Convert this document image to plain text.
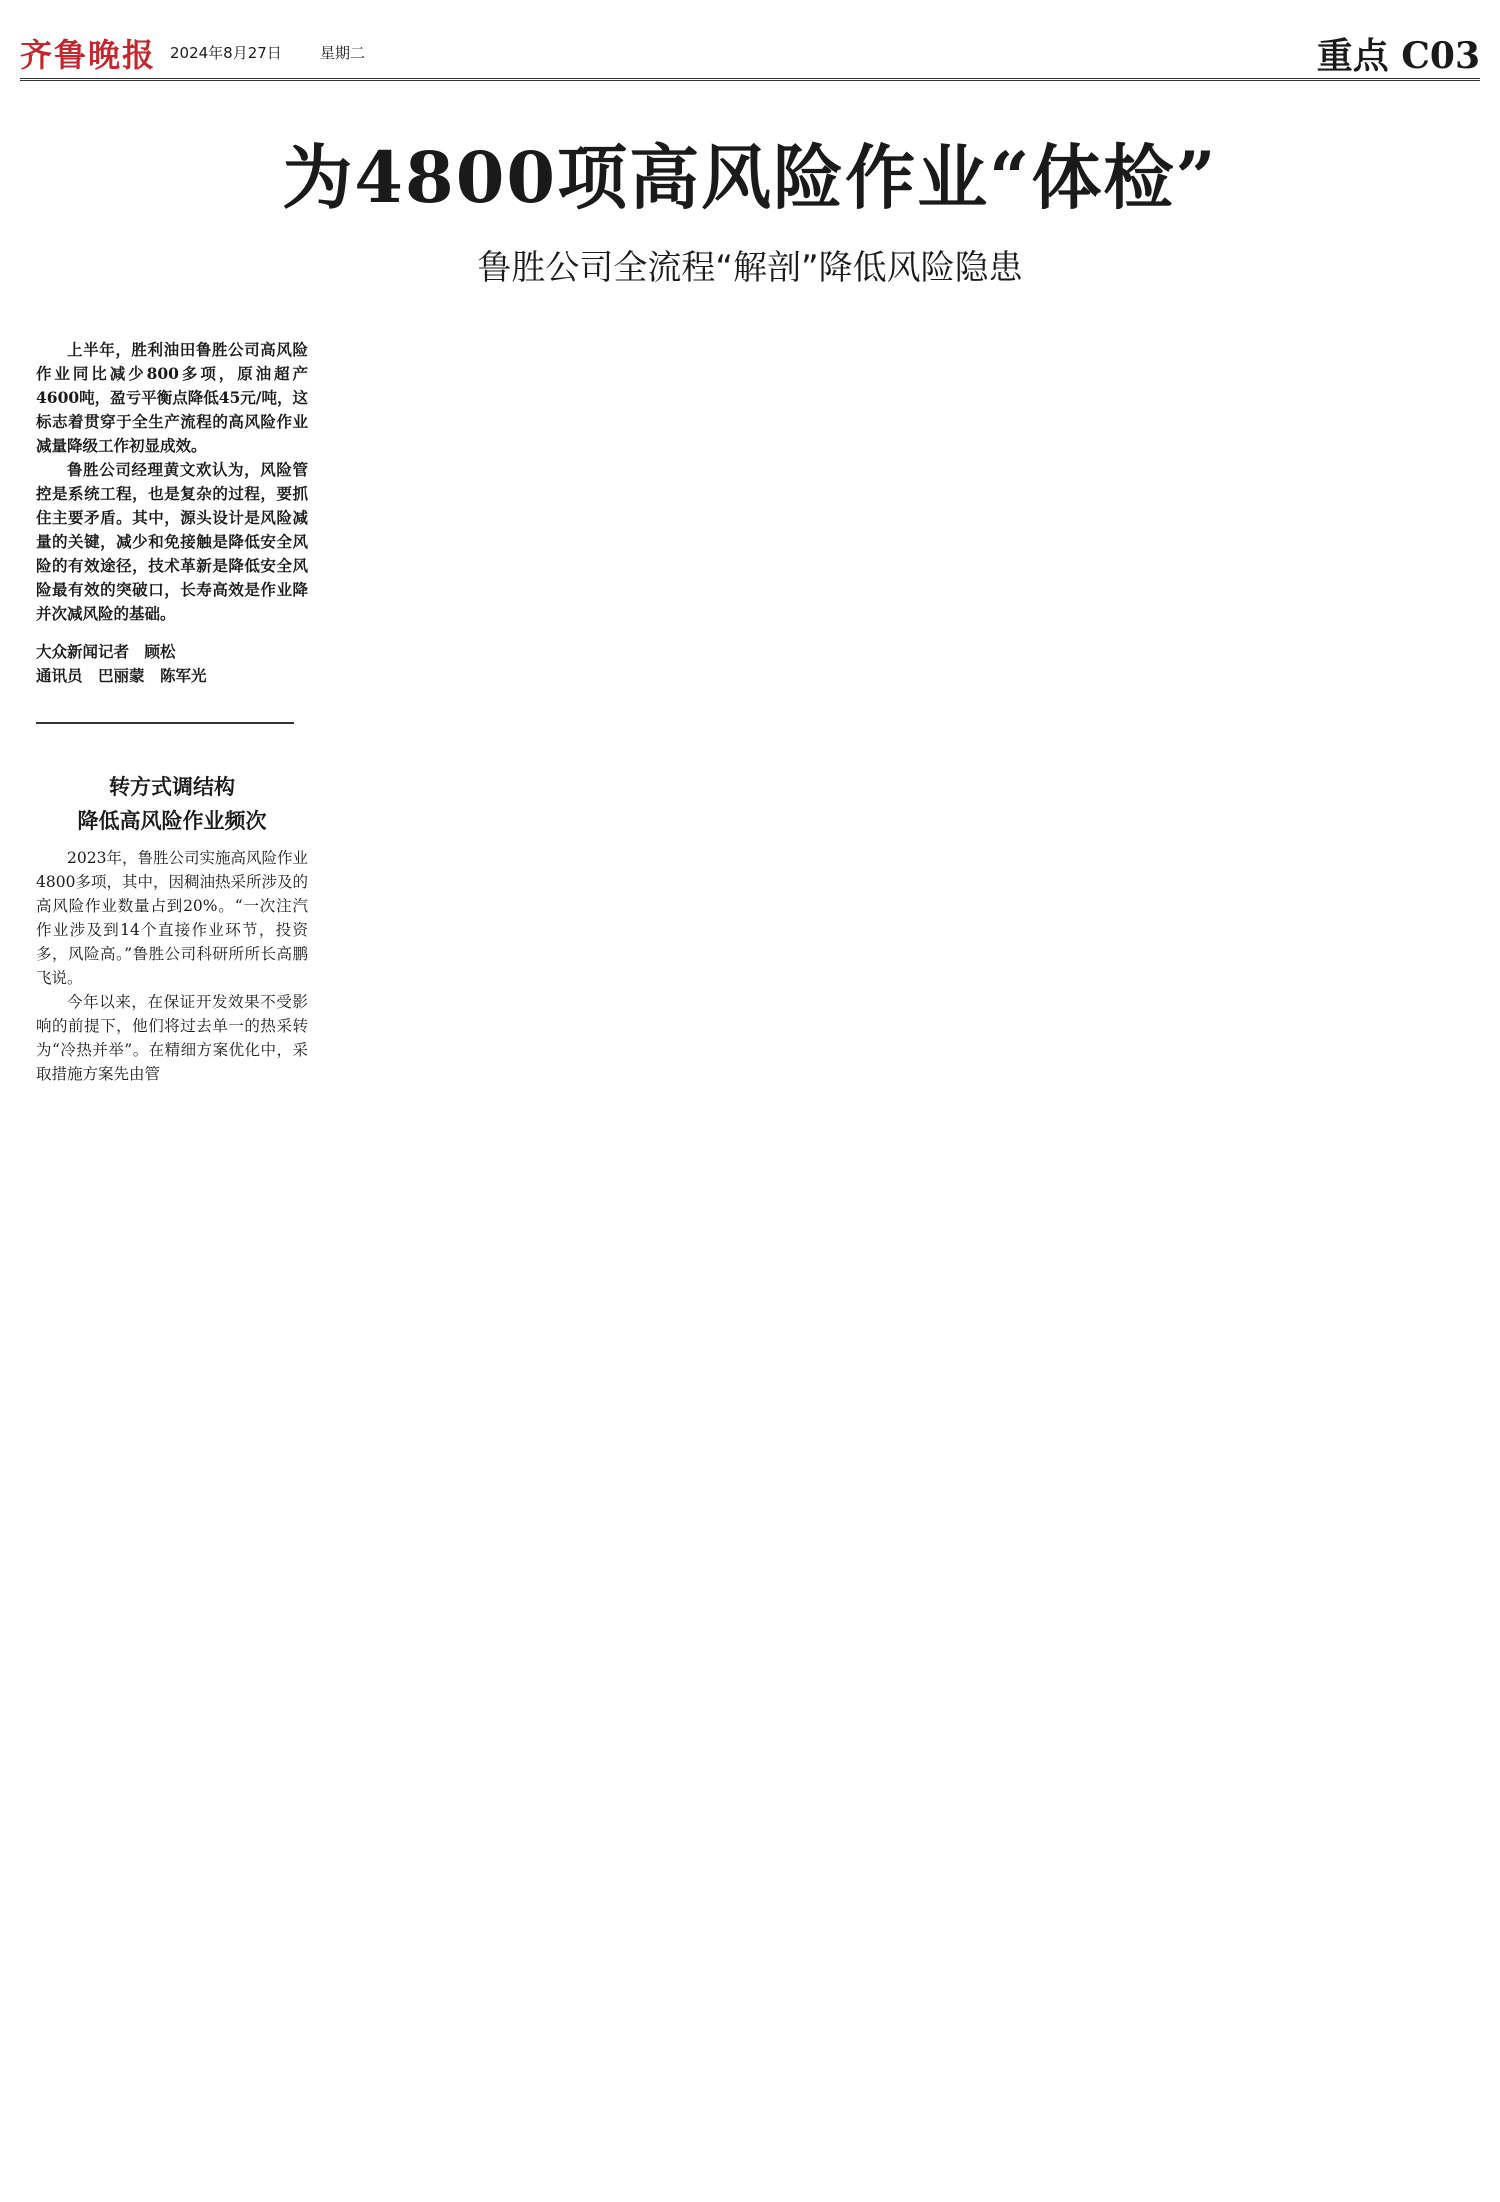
齐鲁晚报 2024年8月27日	星期二	重点 C03
为4800项高风险作业“体检”
鲁胜公司全流程“解剖”降低风险隐患

上半年，胜利油田鲁胜公司高风险作业同比减少800多项，原油超产4600吨，盈亏平衡点降低45元/吨，这标志着贯穿于全生产流程的高风险作业减量降级工作初显成效。

鲁胜公司经理黄文欢认为，风险管控是系统工程，也是复杂的过程，要抓住主要矛盾。其中，源头设计是风险减量的关键，减少和免接触是降低安全风险的有效途径，技术革新是降低安全风险最有效的突破口，长寿高效是作业降并次减风险的基础。

大众新闻记者　顾松

通讯员　巴丽蒙　陈军光

转方式调结构
降低高风险作业频次

2023年，鲁胜公司实施高风险作业4800多项，其中，因稠油热采所涉及的高风险作业数量占到20%。“一次注汽作业涉及到14个直接作业环节，投资多，风险高。”鲁胜公司科研所所长高鹏飞说。

今年以来，在保证开发效果不受影响的前提下，他们将过去单一的热采转为“冷热并举”。在精细方案优化中，采取措施方案先由管
